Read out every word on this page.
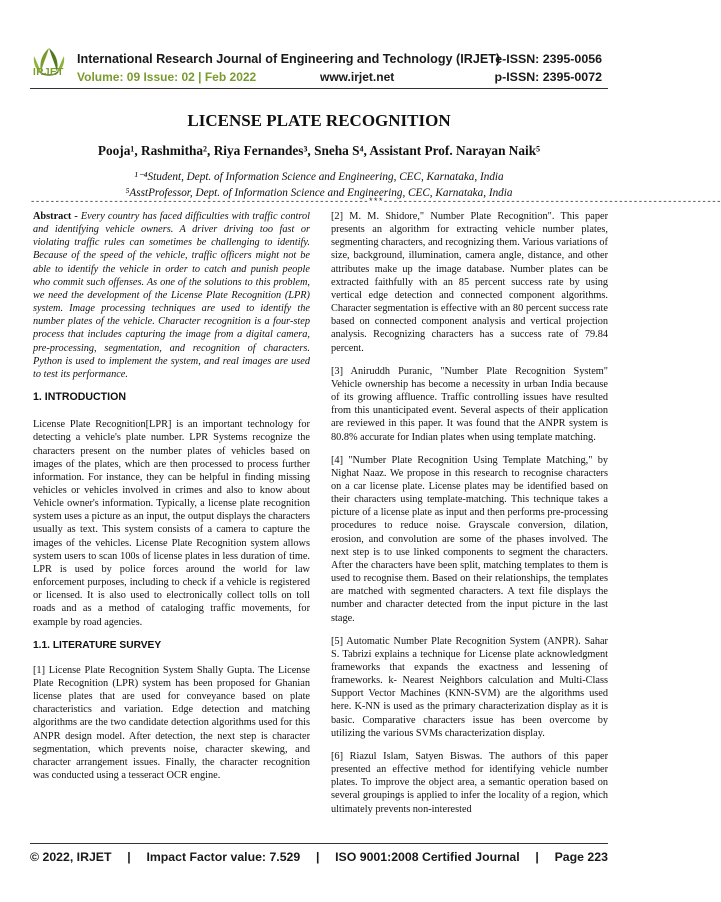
IRJET
International Research Journal of Engineering and Technology (IRJET)
Volume: 09 Issue: 02 | Feb 2022	www.irjet.net
e-ISSN: 2395-0056
p-ISSN: 2395-0072
LICENSE PLATE RECOGNITION
Pooja¹, Rashmitha², Riya Fernandes³, Sneha S⁴, Assistant Prof. Narayan Naik⁵
¹⁻⁴Student, Dept. of Information Science and Engineering, CEC, Karnataka, India
⁵AsstProfessor, Dept. of Information Science and Engineering, CEC, Karnataka, India
---------------------------------------------------------------------***---------------------------------------------------------------------

Abstract - Every country has faced difficulties with traffic control and identifying vehicle owners. A driver driving too fast or violating traffic rules can sometimes be challenging to identify. Because of the speed of the vehicle, traffic officers might not be able to identify the vehicle in order to catch and punish people who commit such offenses. As one of the solutions to this problem, we need the development of the License Plate Recognition (LPR) system. Image processing techniques are used to identify the number plates of the vehicle. Character recognition is a four-step process that includes capturing the image from a digital camera, pre-processing, segmentation, and recognition of characters. Python is used to implement the system, and real images are used to test its performance.

1. INTRODUCTION

License Plate Recognition[LPR] is an important technology for detecting a vehicle's plate number. LPR Systems recognize the characters present on the number plates of vehicles based on images of the plates, which are then processed to process further information. For instance, they can be helpful in finding missing vehicles or vehicles involved in crimes and also to know about Vehicle owner's information. Typically, a license plate recognition system uses a picture as an input, the output displays the characters usually as text. This system consists of a camera to capture the images of the vehicles. License Plate Recognition system allows system users to scan 100s of license plates in less duration of time. LPR is used by police forces around the world for law enforcement purposes, including to check if a vehicle is registered or licensed. It is also used to electronically collect tolls on toll roads and as a method of cataloging traffic movements, for example by road agencies.

1.1. LITERATURE SURVEY

[1] License Plate Recognition System Shally Gupta. The License Plate Recognition (LPR) system has been proposed for Ghanian license plates that are used for conveyance based on plate characteristics and variation. Edge detection and matching algorithms are the two candidate detection algorithms used for this ANPR design model. After detection, the next step is character segmentation, which prevents noise, character skewing, and character arrangement issues. Finally, the character recognition was conducted using a tesseract OCR engine.

[2] M. M. Shidore," Number Plate Recognition". This paper presents an algorithm for extracting vehicle number plates, segmenting characters, and recognizing them. Various variations of size, background, illumination, camera angle, distance, and other attributes make up the image database. Number plates can be extracted faithfully with an 85 percent success rate by using vertical edge detection and connected component algorithms. Character segmentation is effective with an 80 percent success rate based on connected component analysis and vertical projection analysis. Recognizing characters has a success rate of 79.84 percent.

[3] Aniruddh Puranic, "Number Plate Recognition System" Vehicle ownership has become a necessity in urban India because of its growing affluence. Traffic controlling issues have resulted from this unanticipated event. Several aspects of their application are reviewed in this paper. It was found that the ANPR system is 80.8% accurate for Indian plates when using template matching.

[4] "Number Plate Recognition Using Template Matching," by Nighat Naaz. We propose in this research to recognise characters on a car license plate. License plates may be identified based on their characters using template-matching. This technique takes a picture of a license plate as input and then performs pre-processing procedures to reduce noise. Grayscale conversion, dilation, erosion, and convolution are some of the phases involved. The next step is to use linked components to segment the characters. After the characters have been split, matching templates to them is used to recognise them. Based on their relationships, the templates are matched with segmented characters. A text file displays the number and character detected from the input picture in the last stage.

[5] Automatic Number Plate Recognition System (ANPR). Sahar S. Tabrizi explains a technique for License plate acknowledgment frameworks that expands the exactness and lessening of frameworks. k- Nearest Neighbors calculation and Multi-Class Support Vector Machines (KNN-SVM) are the algorithms used here. K-NN is used as the primary characterization display as it is basic. Comparative characters issue has been overcome by utilizing the various SVMs characterization display.

[6] Riazul Islam, Satyen Biswas. The authors of this paper presented an effective method for identifying vehicle number plates. To improve the object area, a semantic operation based on several groupings is applied to infer the locality of a region, which ultimately prevents non-interested

© 2022, IRJET | Impact Factor value: 7.529 | ISO 9001:2008 Certified Journal | Page 223
